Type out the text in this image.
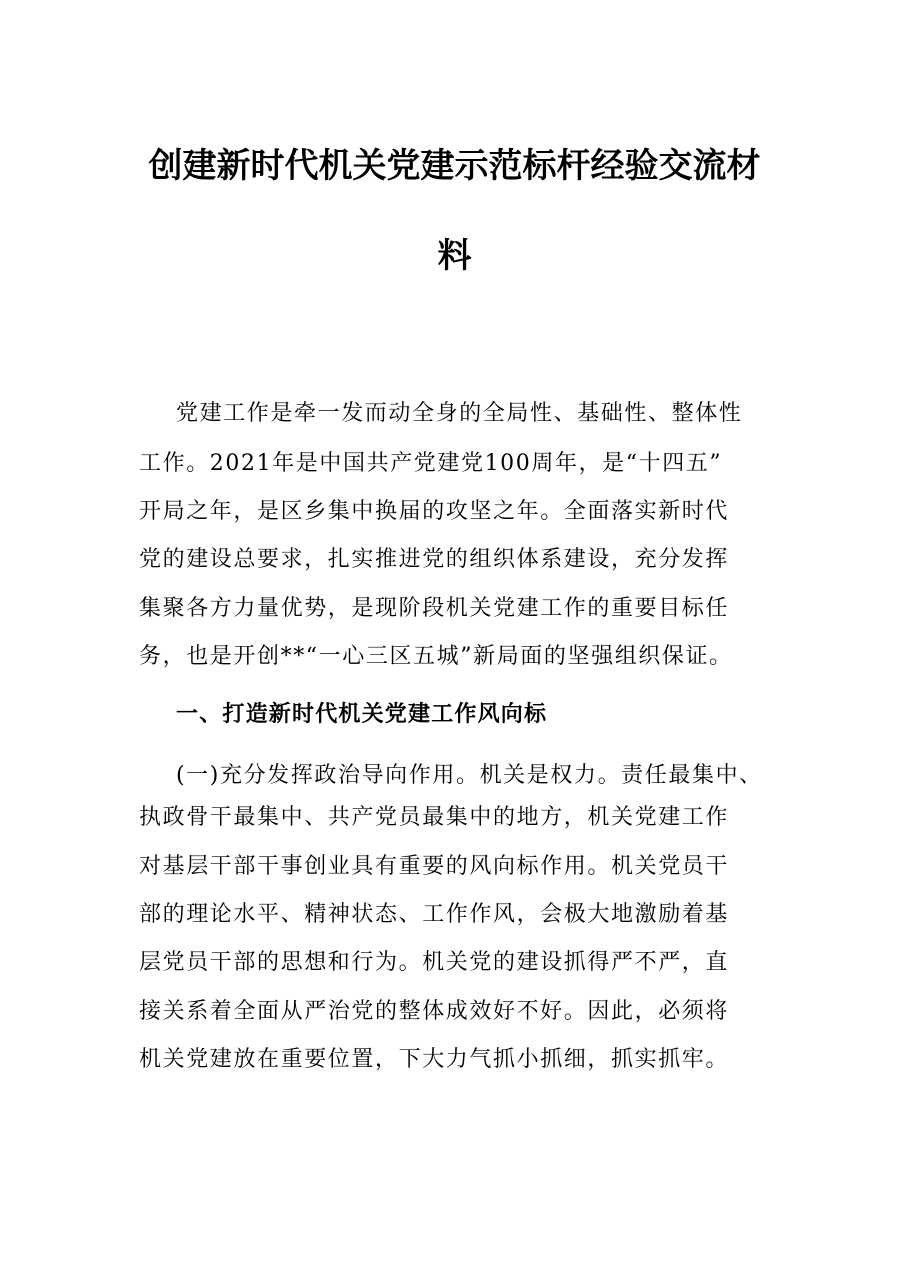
创建新时代机关党建示范标杆经验交流材
料
党建工作是牵一发而动全身的全局性、基础性、整体性
工作。2021年是中国共产党建党100周年，是“十四五”
开局之年，是区乡集中换届的攻坚之年。全面落实新时代
党的建设总要求，扎实推进党的组织体系建设，充分发挥
集聚各方力量优势，是现阶段机关党建工作的重要目标任
务，也是开创**“一心三区五城”新局面的坚强组织保证。
一、打造新时代机关党建工作风向标
(一)充分发挥政治导向作用。机关是权力。责任最集中、
执政骨干最集中、共产党员最集中的地方，机关党建工作
对基层干部干事创业具有重要的风向标作用。机关党员干
部的理论水平、精神状态、工作作风，会极大地激励着基
层党员干部的思想和行为。机关党的建设抓得严不严，直
接关系着全面从严治党的整体成效好不好。因此，必须将
机关党建放在重要位置，下大力气抓小抓细，抓实抓牢。
